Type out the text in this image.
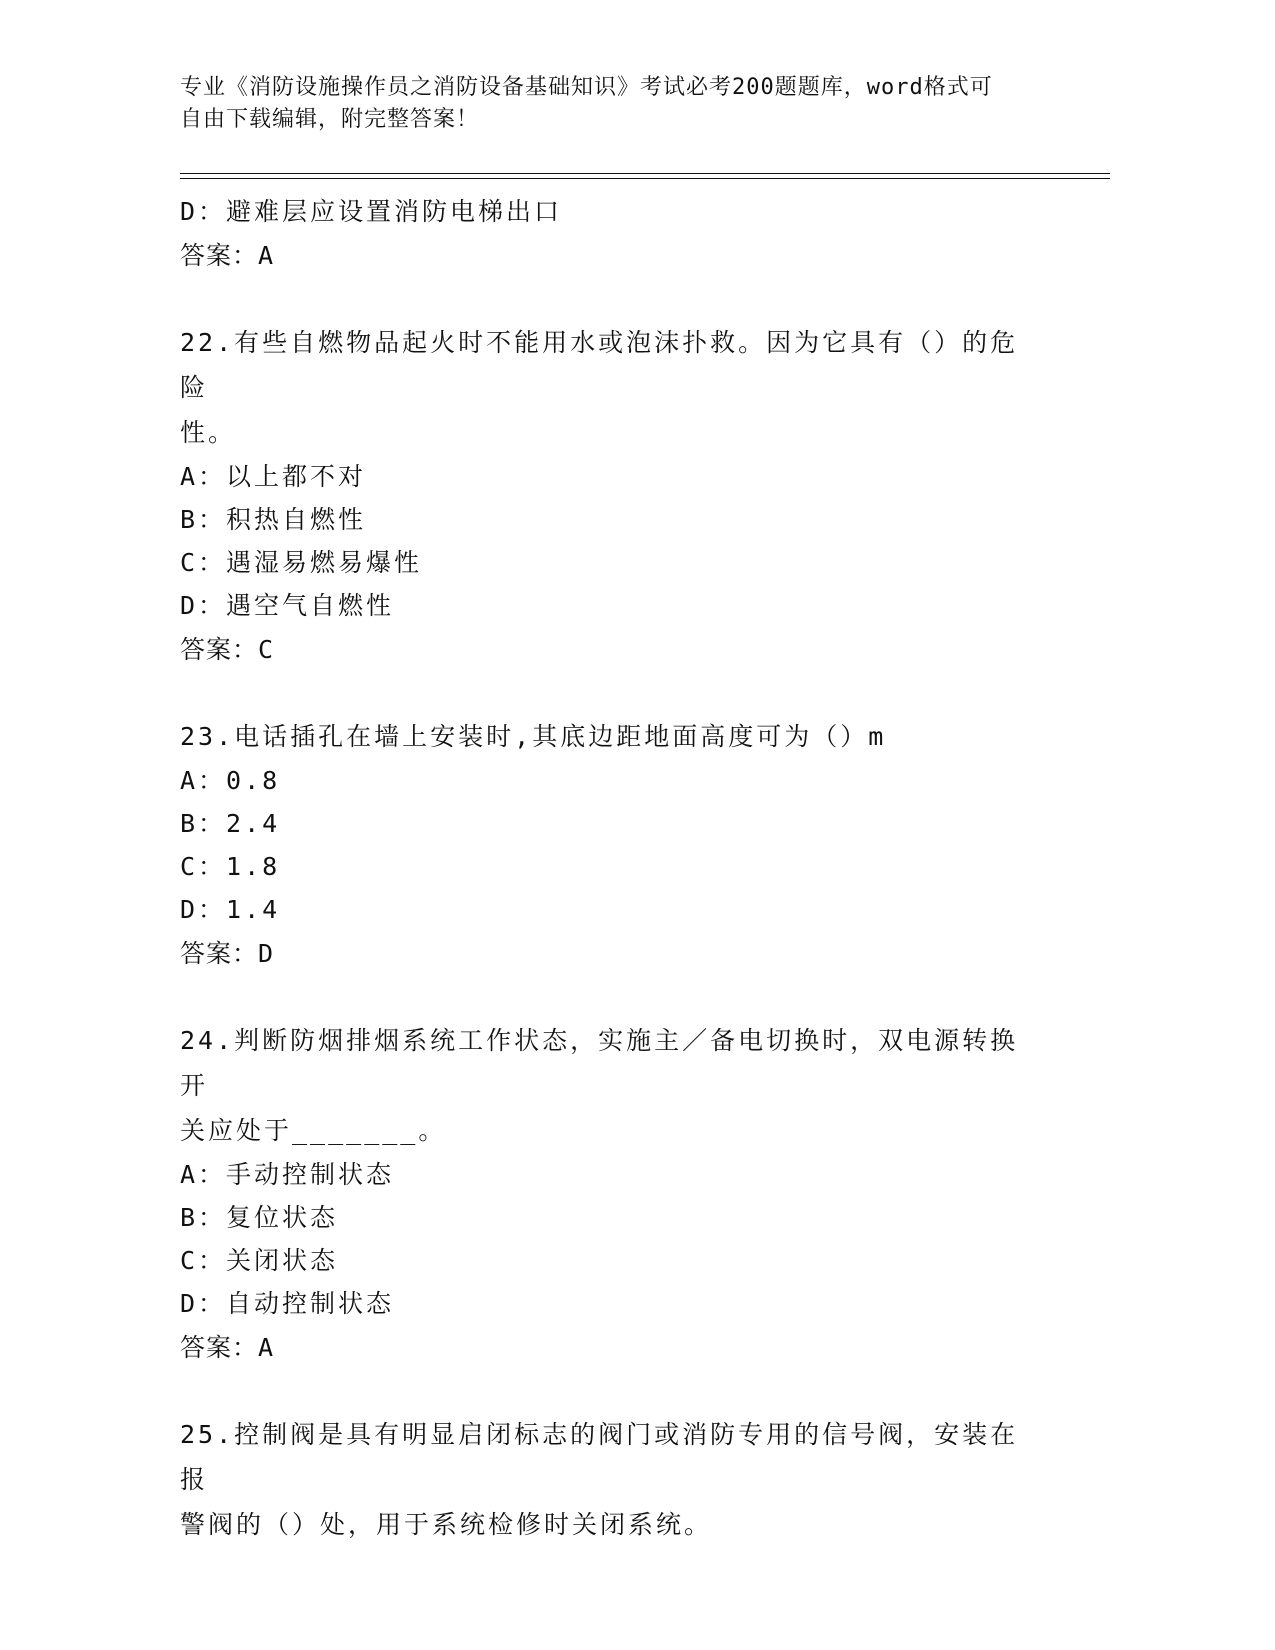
专业《消防设施操作员之消防设备基础知识》考试必考200题题库，word格式可
自由下载编辑，附完整答案！
D：避难层应设置消防电梯出口
答案：A
22.有些自燃物品起火时不能用水或泡沫扑救。因为它具有（）的危险
性。
A：以上都不对
B：积热自燃性
C：遇湿易燃易爆性
D：遇空气自燃性
答案：C
23.电话插孔在墙上安装时,其底边距地面高度可为（）m
A：0.8
B：2.4
C：1.8
D：1.4
答案：D
24.判断防烟排烟系统工作状态，实施主／备电切换时，双电源转换开
关应处于_______。
A：手动控制状态
B：复位状态
C：关闭状态
D：自动控制状态
答案：A
25.控制阀是具有明显启闭标志的阀门或消防专用的信号阀，安装在报
警阀的（）处，用于系统检修时关闭系统。
